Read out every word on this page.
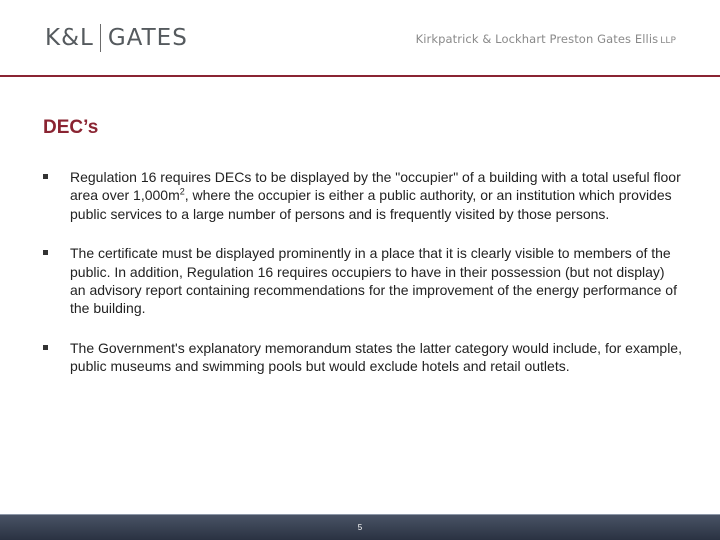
K&L GATES	Kirkpatrick & Lockhart Preston Gates Ellis LLP
DEC’s
Regulation 16 requires DECs to be displayed by the "occupier" of a building with a total useful floor area over $1,000m^2$, where the occupier is either a public authority, or an institution which provides public services to a large number of persons and is frequently visited by those persons.
The certificate must be displayed prominently in a place that it is clearly visible to members of the public. In addition, Regulation 16 requires occupiers to have in their possession (but not display) an advisory report containing recommendations for the improvement of the energy performance of the building.
The Government's explanatory memorandum states the latter category would include, for example, public museums and swimming pools but would exclude hotels and retail outlets.
5
